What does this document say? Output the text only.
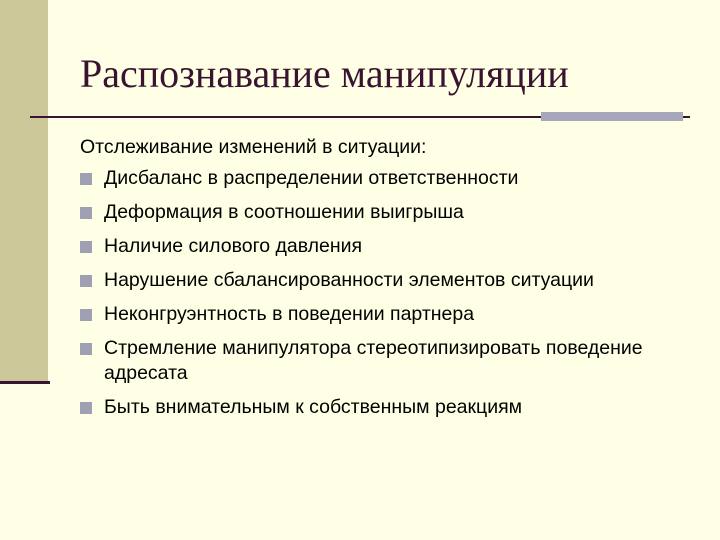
Распознавание манипуляции

Отслеживание изменений в ситуации:

Дисбаланс в распределении ответственности
Деформация в соотношении выигрыша
Наличие силового давления
Нарушение сбалансированности элементов ситуации
Неконгруэнтность в поведении партнера
Стремление манипулятора стереотипизировать поведение адресата
Быть внимательным к собственным реакциям
